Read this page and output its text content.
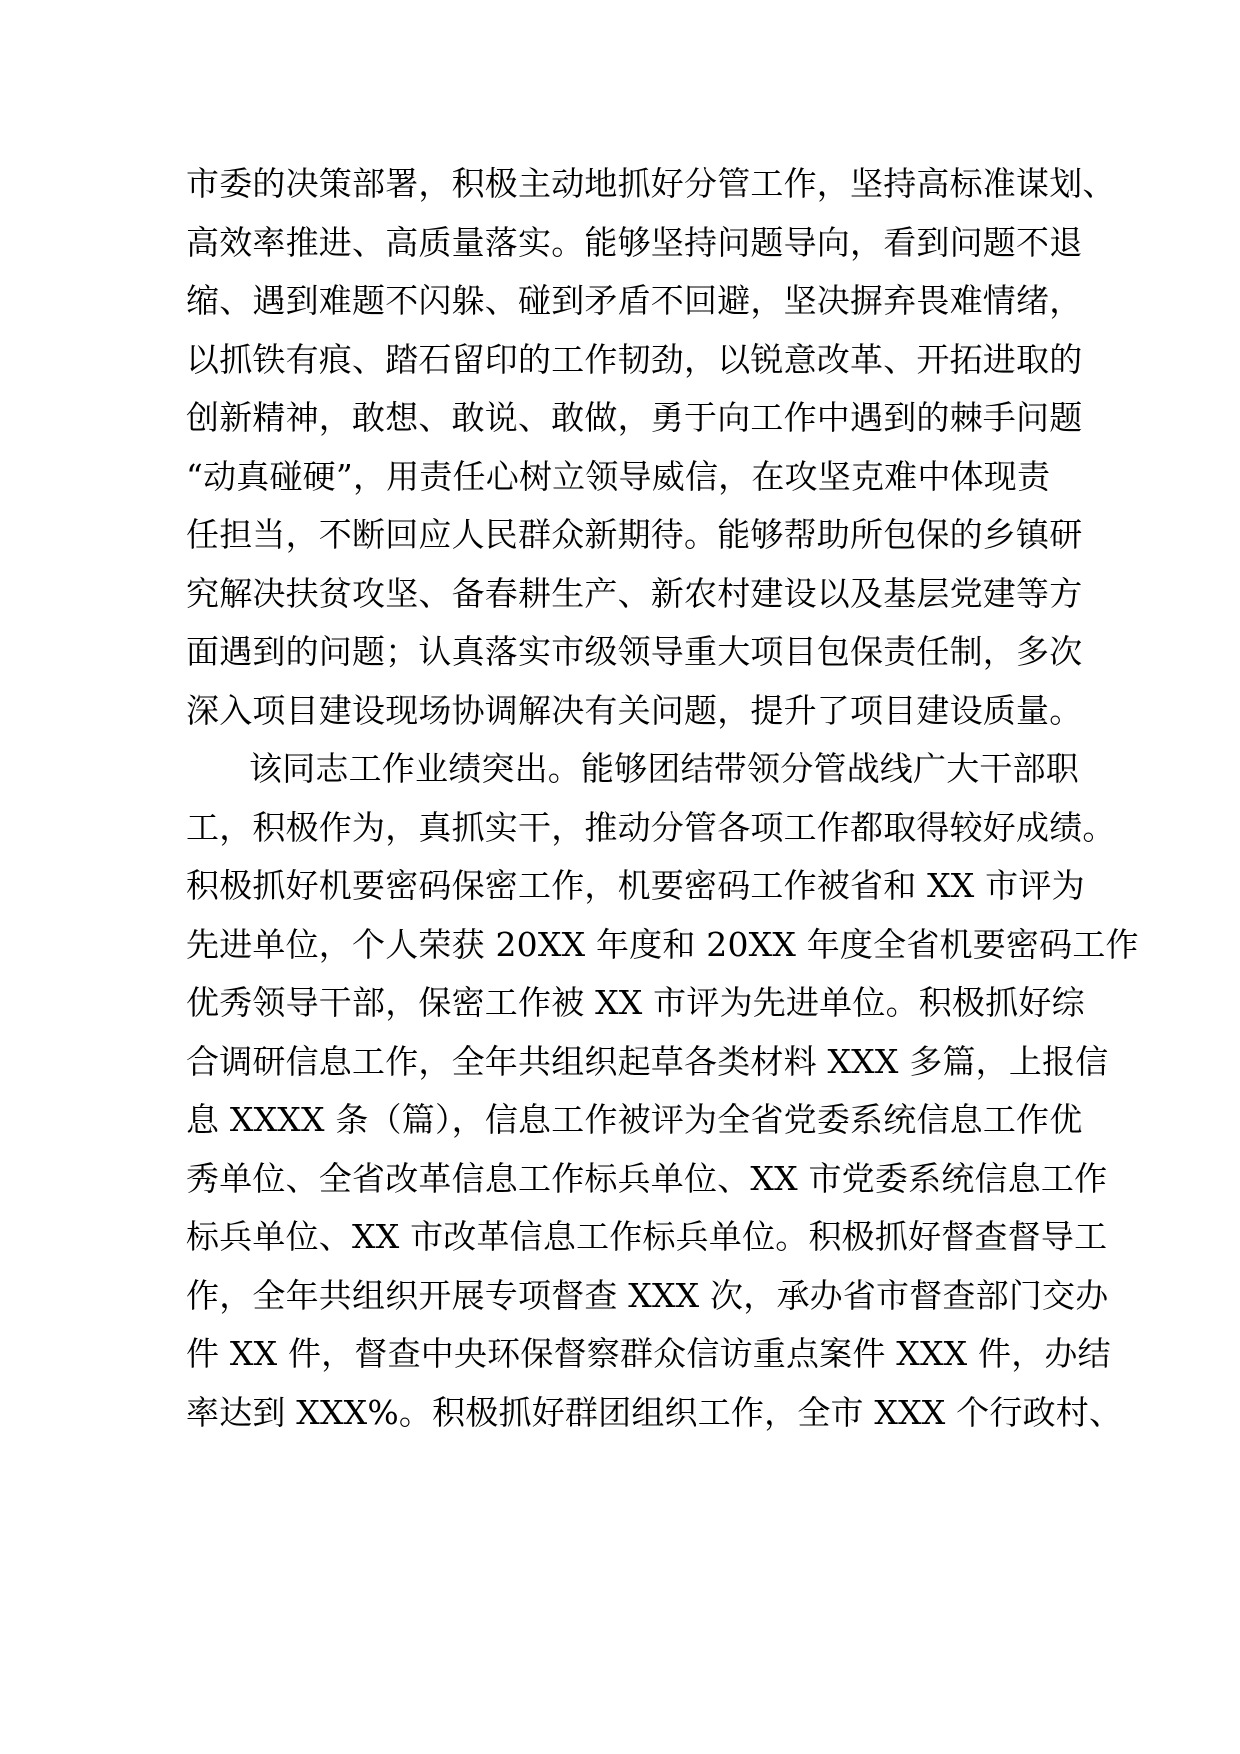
市委的决策部署，积极主动地抓好分管工作，坚持高标准谋划、
高效率推进、高质量落实。能够坚持问题导向，看到问题不退
缩、遇到难题不闪躲、碰到矛盾不回避，坚决摒弃畏难情绪，
以抓铁有痕、踏石留印的工作韧劲，以锐意改革、开拓进取的
创新精神，敢想、敢说、敢做，勇于向工作中遇到的棘手问题
“动真碰硬”，用责任心树立领导威信，在攻坚克难中体现责
任担当，不断回应人民群众新期待。能够帮助所包保的乡镇研
究解决扶贫攻坚、备春耕生产、新农村建设以及基层党建等方
面遇到的问题；认真落实市级领导重大项目包保责任制，多次
深入项目建设现场协调解决有关问题，提升了项目建设质量。
该同志工作业绩突出。能够团结带领分管战线广大干部职
工，积极作为，真抓实干，推动分管各项工作都取得较好成绩。
积极抓好机要密码保密工作，机要密码工作被省和 XX 市评为
先进单位，个人荣获 20XX 年度和 20XX 年度全省机要密码工作
优秀领导干部，保密工作被 XX 市评为先进单位。积极抓好综
合调研信息工作，全年共组织起草各类材料 XXX 多篇，上报信
息 XXXX 条（篇），信息工作被评为全省党委系统信息工作优
秀单位、全省改革信息工作标兵单位、XX 市党委系统信息工作
标兵单位、XX 市改革信息工作标兵单位。积极抓好督查督导工
作，全年共组织开展专项督查 XXX 次，承办省市督查部门交办
件 XX 件，督查中央环保督察群众信访重点案件 XXX 件，办结
率达到 XXX%。积极抓好群团组织工作，全市 XXX 个行政村、
